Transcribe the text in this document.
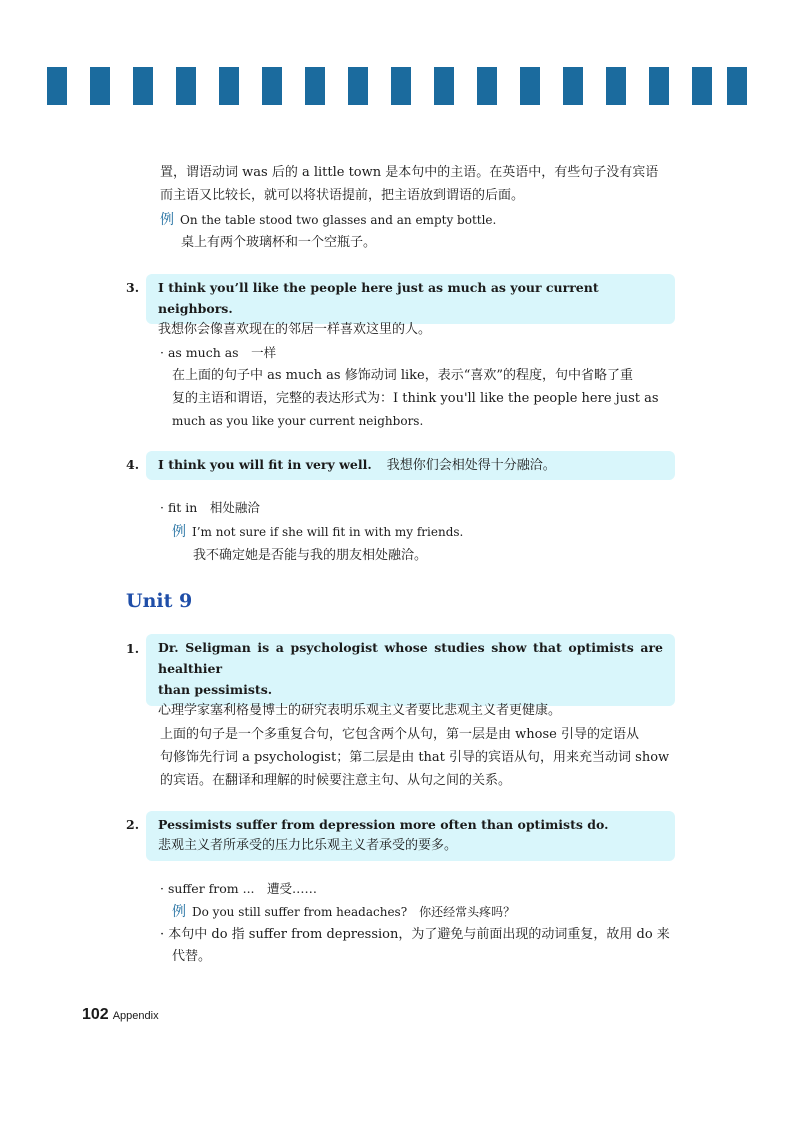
置，谓语动词 was 后的 a little town 是本句中的主语。在英语中，有些句子没有宾语
而主语又比较长，就可以将状语提前，把主语放到谓语的后面。
例 On the table stood two glasses and an empty bottle.
桌上有两个玻璃杯和一个空瓶子。
3. I think you’ll like the people here just as much as your current neighbors.
我想你会像喜欢现在的邻居一样喜欢这里的人。
· as much as　一样
在上面的句子中 as much as 修饰动词 like，表示“喜欢”的程度，句中省略了重
复的主语和谓语，完整的表达形式为：I think you'll like the people here just as
much as you like your current neighbors.
4.	I think you will fit in very well. 我想你们会相处得十分融洽。
· fit in　相处融洽
例 I’m not sure if she will fit in with my friends.
我不确定她是否能与我的朋友相处融洽。
Unit 9
1. Dr. Seligman is a psychologist whose studies show that optimists are healthier
than pessimists.
心理学家塞利格曼博士的研究表明乐观主义者要比悲观主义者更健康。
上面的句子是一个多重复合句，它包含两个从句，第一层是由 whose 引导的定语从
句修饰先行词 a psychologist；第二层是由 that 引导的宾语从句，用来充当动词 show
的宾语。在翻译和理解的时候要注意主句、从句之间的关系。
2. Pessimists suffer from depression more often than optimists do.
悲观主义者所承受的压力比乐观主义者承受的要多。
· suffer from ...　遭受……
例 Do you still suffer from headaches?　你还经常头疼吗？
· 本句中 do 指 suffer from depression，为了避免与前面出现的动词重复，故用 do 来
代替。
102 Appendix
